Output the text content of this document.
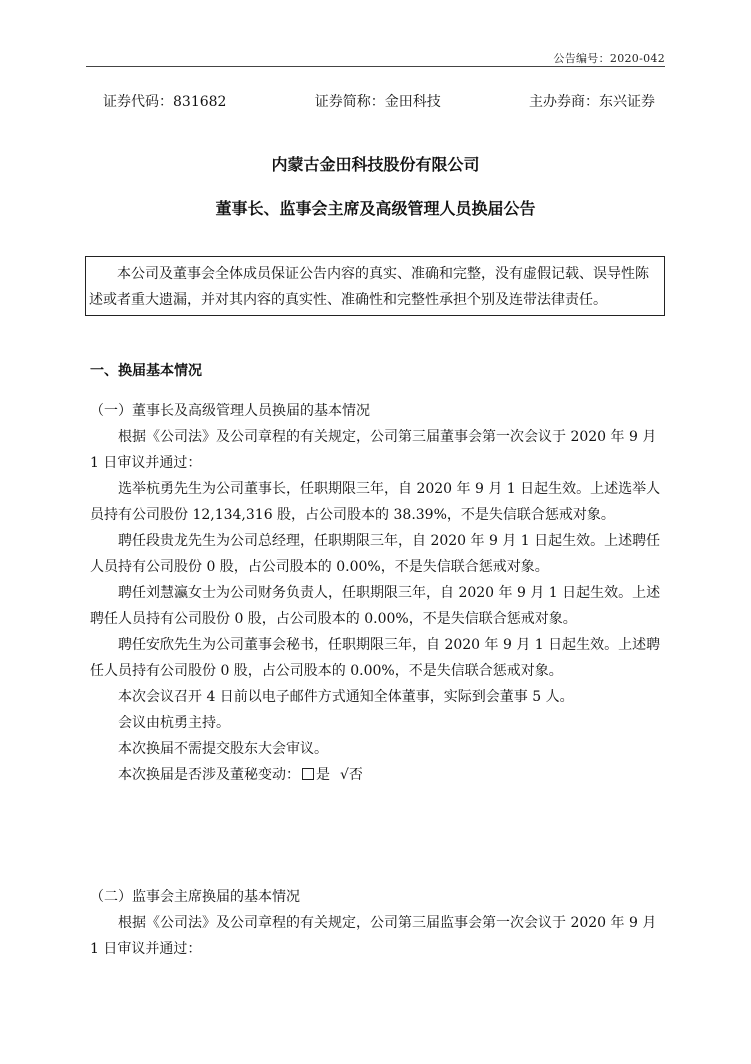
公告编号：2020-042
证券代码：831682	证券简称：金田科技	主办券商：东兴证券
内蒙古金田科技股份有限公司
董事长、监事会主席及高级管理人员换届公告

本公司及董事会全体成员保证公告内容的真实、准确和完整，没有虚假记载、误导性陈述或者重大遗漏，并对其内容的真实性、准确性和完整性承担个别及连带法律责任。

一、换届基本情况

（一）董事长及高级管理人员换届的基本情况

根据《公司法》及公司章程的有关规定，公司第三届董事会第一次会议于 2020 年 9 月 1 日审议并通过：

选举杭勇先生为公司董事长，任职期限三年，自 2020 年 9 月 1 日起生效。上述选举人员持有公司股份 12,134,316 股，占公司股本的 38.39%，不是失信联合惩戒对象。

聘任段贵龙先生为公司总经理，任职期限三年，自 2020 年 9 月 1 日起生效。上述聘任人员持有公司股份 0 股，占公司股本的 0.00%，不是失信联合惩戒对象。

聘任刘慧瀛女士为公司财务负责人，任职期限三年，自 2020 年 9 月 1 日起生效。上述聘任人员持有公司股份 0 股，占公司股本的 0.00%，不是失信联合惩戒对象。

聘任安欣先生为公司董事会秘书，任职期限三年，自 2020 年 9 月 1 日起生效。上述聘任人员持有公司股份 0 股，占公司股本的 0.00%，不是失信联合惩戒对象。

本次会议召开 4 日前以电子邮件方式通知全体董事，实际到会董事 5 人。

会议由杭勇主持。

本次换届不需提交股东大会审议。

本次换届是否涉及董秘变动： 是 √否

（二）监事会主席换届的基本情况

根据《公司法》及公司章程的有关规定，公司第三届监事会第一次会议于 2020 年 9 月 1 日审议并通过：
